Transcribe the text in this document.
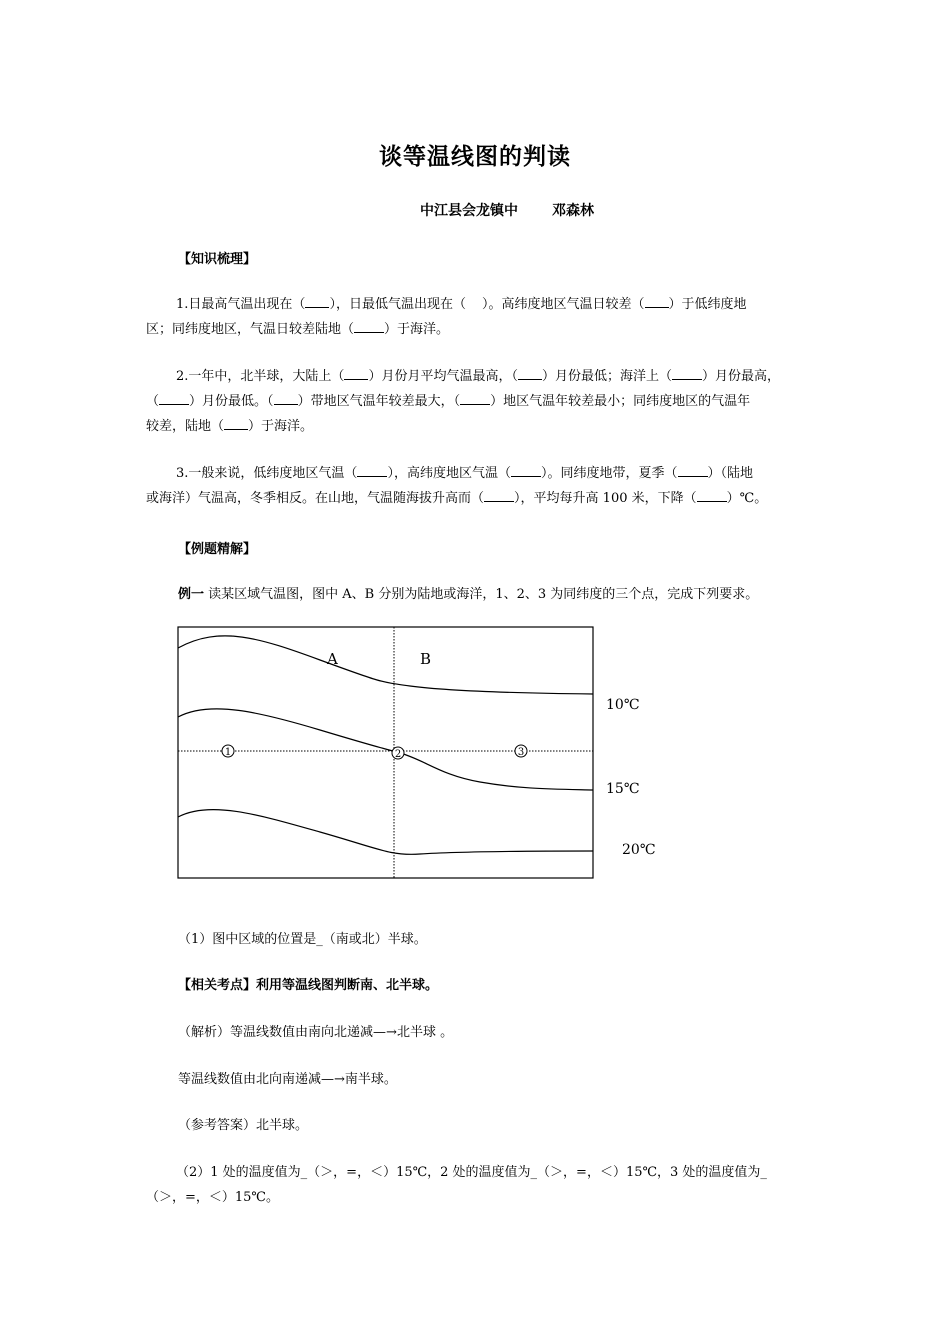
谈等温线图的判读
中江县会龙镇中 邓森林
【知识梳理】
1.日最高气温出现在（ ），日最低气温出现在（ ）。高纬度地区气温日较差（ ）于低纬度地
区；同纬度地区，气温日较差陆地（ ）于海洋。
2.一年中，北半球，大陆上（ ）月份月平均气温最高，（ ）月份最低；海洋上（ ）月份最高，
（ ）月份最低。（ ）带地区气温年较差最大，（ ）地区气温年较差最小；同纬度地区的气温年
较差，陆地（ ）于海洋。
3.一般来说，低纬度地区气温（ ），高纬度地区气温（ ）。同纬度地带，夏季（ ）（陆地
或海洋）气温高，冬季相反。在山地，气温随海拔升高而（ ），平均每升高 100 米，下降（ ）℃。
【例题精解】
例一 读某区域气温图，图中 A、B 分别为陆地或海洋，1、2、3 为同纬度的三个点，完成下列要求。
A	B
1	2	3
10℃
15℃
20℃
（1）图中区域的位置是_（南或北）半球。
【相关考点】利用等温线图判断南、北半球。
（解析）等温线数值由南向北递减—→北半球 。
等温线数值由北向南递减—→南半球。
（参考答案）北半球。
（2）1 处的温度值为_（＞，=，＜）15℃，2 处的温度值为_（＞，=，＜）15℃，3 处的温度值为_
（＞，=，＜）15℃。
